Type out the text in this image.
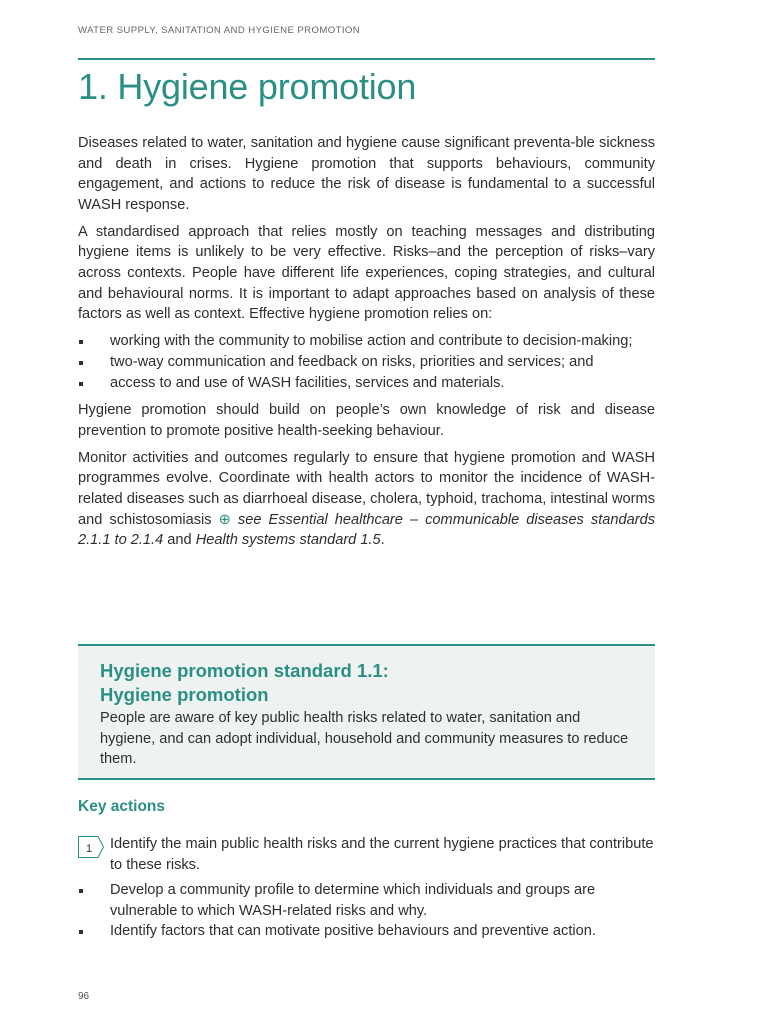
WATER SUPPLY, SANITATION AND HYGIENE PROMOTION
1. Hygiene promotion

Diseases related to water, sanitation and hygiene cause significant preventa-ble sickness and death in crises. Hygiene promotion that supports behaviours, community engagement, and actions to reduce the risk of disease is fundamental to a successful WASH response.

A standardised approach that relies mostly on teaching messages and distributing hygiene items is unlikely to be very effective. Risks–and the perception of risks–vary across contexts. People have different life experiences, coping strategies, and cultural and behavioural norms. It is important to adapt approaches based on analysis of these factors as well as context. Effective hygiene promotion relies on:

working with the community to mobilise action and contribute to decision-making;
two-way communication and feedback on risks, priorities and services; and
access to and use of WASH facilities, services and materials.

Hygiene promotion should build on people’s own knowledge of risk and disease prevention to promote positive health-seeking behaviour.

Monitor activities and outcomes regularly to ensure that hygiene promotion and WASH programmes evolve. Coordinate with health actors to monitor the incidence of WASH-related diseases such as diarrhoeal disease, cholera, typhoid, trachoma, intestinal worms and schistosomiasis ⊕ see Essential healthcare – communicable diseases standards 2.1.1 to 2.1.4 and Health systems standard 1.5.

Hygiene promotion standard 1.1:
Hygiene promotion
People are aware of key public health risks related to water, sanitation and hygiene, and can adopt individual, household and community measures to reduce them.
Key actions
1	Identify the main public health risks and the current hygiene practices that contribute to these risks.
Develop a community profile to determine which individuals and groups are vulnerable to which WASH-related risks and why.
Identify factors that can motivate positive behaviours and preventive action.
96
